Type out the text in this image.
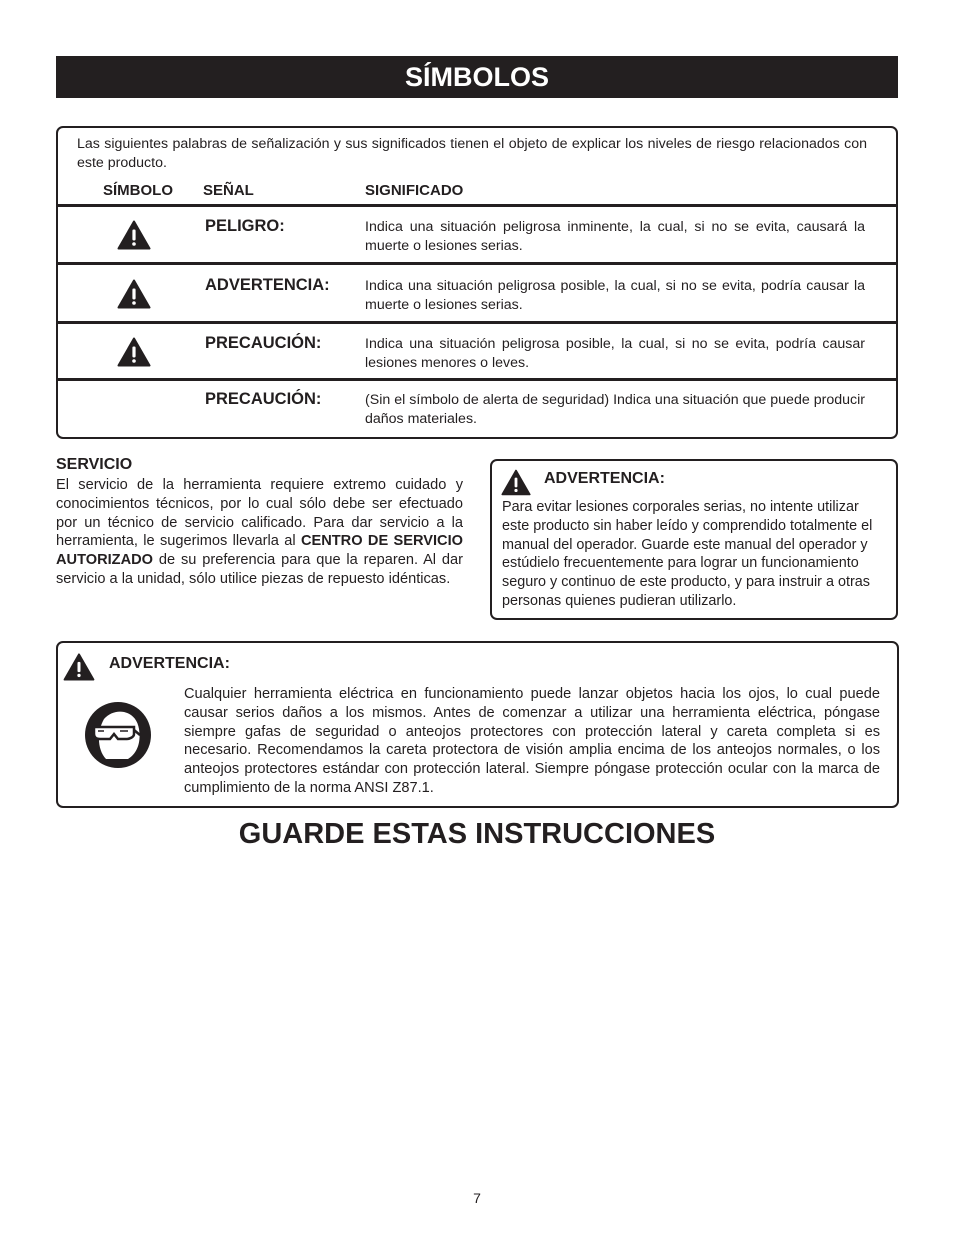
SÍMBOLOS
Las siguientes palabras de señalización y sus significados tienen el objeto de explicar los niveles de riesgo relacionados con este producto.
SÍMBOLO SEÑAL	SIGNIFICADO
PELIGRO:	Indica una situación peligrosa inminente, la cual, si no se evita, causará la muerte o lesiones serias.
ADVERTENCIA: Indica una situación peligrosa posible, la cual, si no se evita, podría causar la muerte o lesiones serias.
PRECAUCIÓN:	Indica una situación peligrosa posible, la cual, si no se evita, podría causar lesiones menores o leves.
PRECAUCIÓN:	(Sin el símbolo de alerta de seguridad) Indica una situación que puede producir daños materiales.
SERVICIO
El servicio de la herramienta requiere extremo cuidado y conocimientos técnicos, por lo cual sólo debe ser efectuado por un técnico de servicio calificado. Para dar servicio a la herramienta, le sugerimos llevarla al CENTRO DE SERVICIO AUTORIZADO de su preferencia para que la reparen. Al dar servicio a la unidad, sólo utilice piezas de repuesto idénticas.
ADVERTENCIA:
Para evitar lesiones corporales serias, no intente utilizar este producto sin haber leído y comprendido totalmente el manual del operador. Guarde este manual del operador y estúdielo frecuentemente para lograr un funcionamiento seguro y continuo de este producto, y para instruir a otras personas quienes pudieran utilizarlo.
ADVERTENCIA:
Cualquier herramienta eléctrica en funcionamiento puede lanzar objetos hacia los ojos, lo cual puede causar serios daños a los mismos. Antes de comenzar a utilizar una herramienta eléctrica, póngase siempre gafas de seguridad o anteojos protectores con protección lateral y careta completa si es necesario. Recomendamos la careta protectora de visión amplia encima de los anteojos normales, o los anteojos protectores estándar con protección lateral. Siempre póngase protección ocular con la marca de cumplimiento de la norma ANSI Z87.1.
GUARDE ESTAS INSTRUCCIONES
7
